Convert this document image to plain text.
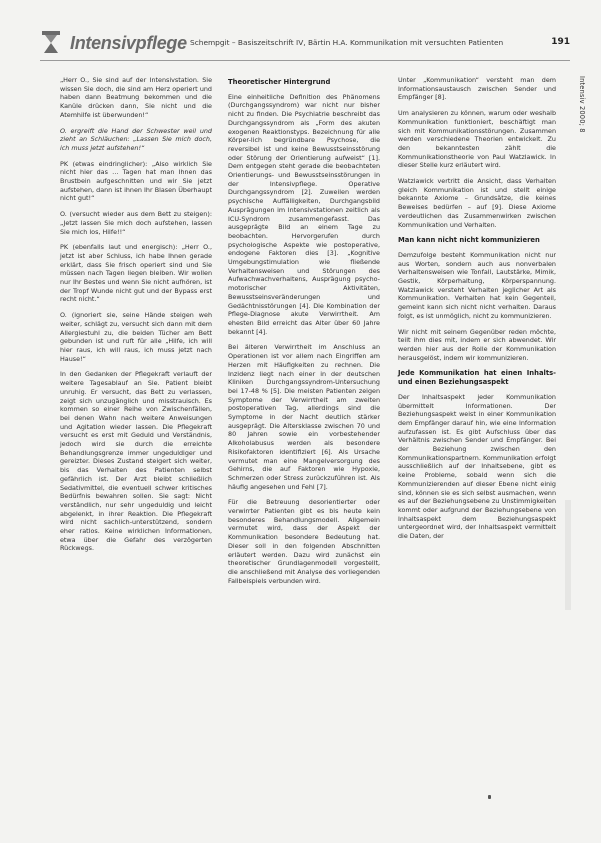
Intensivpflege Schempgit – Basiszeitschrift IV, Bärtin H.A. Kommunikation mit versuchten Patienten	191
Intensiv 2000; 8

„Herr O., Sie sind auf der Intensivstation. Sie wissen Sie doch, die sind am Herz operiert und haben dann Beatmung bekommen und die Kanüle drücken dann, Sie nicht und die Atemhilfe ist überwunden!“

O. ergreift die Hand der Schwester weil und zieht an Schläuchen: „Lassen Sie mich doch, ich muss jetzt aufstehen!“

PK (etwas eindringlicher): „Also wirklich Sie nicht hier das … Tagen hat man Ihnen das Brustbein aufgeschnitten und wir Sie jetzt aufstehen, dann ist ihnen Ihr Blasen Überhaupt nicht gut!“

O. (versucht wieder aus dem Bett zu steigen): „Jetzt lassen Sie mich doch aufstehen, lassen Sie mich los, Hilfe!!“

PK (ebenfalls laut und energisch): „Herr O., jetzt ist aber Schluss, ich habe Ihnen gerade erklärt, dass Sie frisch operiert sind und Sie müssen nach Tagen liegen bleiben. Wir wollen nur Ihr Bestes und wenn Sie nicht aufhören, ist der Tropf Wunde nicht gut und der Bypass erst recht nicht.“

O. (ignoriert sie, seine Hände steigen weh weiter, schlägt zu, versucht sich dann mit dem Allergiestuhl zu, die beiden Tücher am Bett gebunden ist und ruft für alle „Hilfe, ich will hier raus, ich will raus, ich muss jetzt nach Hause!“

In den Gedanken der Pflegekraft verlauft der weitere Tagesablauf an Sie. Patient bleibt unruhig. Er versucht, das Bett zu verlassen, zeigt sich unzugänglich und misstrauisch. Es kommen so einer Reihe von Zwischenfällen, bei denen Wahn nach weitere Anweisungen und Agitation wieder lassen. Die Pflegekraft versucht es erst mit Geduld und Verständnis, jedoch wird sie durch die erreichte Behandlungsgrenze immer ungeduldiger und gereizter. Dieses Zustand steigert sich weiter, bis das Verhalten des Patienten selbst gefährlich ist. Der Arzt bleibt schließlich Sedativmittel, die eventuell schwer kritisches Bedürfnis bewahren sollen. Sie sagt: Nicht verständlich, nur sehr ungeduldig und leicht abgelenkt, in ihrer Reaktion. Die Pflegekraft wird nicht sachlich-unterstützend, sondern eher ratlos. Keine wirklichen Informationen, etwa über die Gefahr des verzögerten Rückwegs.

Theoretischer Hintergrund

Eine einheitliche Definition des Phänomens (Durchgangssyndrom) war nicht nur bisher nicht zu finden. Die Psychiatrie beschreibt das Durchgangssyndrom als „Form des akuten exogenen Reaktionstyps. Bezeichnung für alle Körper-lich begründbare Psychose, die reversibel ist und keine Bewusstseinsstörung oder Störung der Orientierung aufweist“ [1]. Dem entgegen steht gerade die beobachteten Orientierungs- und Bewusstseinsstörungen in der Intensivpflege. Operative Durchgangssyndrom [2]. Zuweilen werden psychische Auffälligkeiten, Durchgangsbild Ausprägungen im Intensivstationen zeitlich als ICU-Syndrom zusammengefasst. Das ausgeprägte Bild an einem Tage zu beobachten. Hervorgerufen durch psychologische Aspekte wie postoperative, endogene Faktoren dies [3]. „Kognitive Umgebungstimulation wie fließende Verhaltensweisen und Störungen des Aufwachwachverhaltens, Ausprägung psycho-motorischer Aktivitäten, Bewusstseinsveränderungen und Gedächtnisstörungen [4]. Die Kombination der Pflege-Diagnose akute Verwirrtheit. Am ehesten Bild erreicht das Alter über 60 Jahre bekannt [4].

Bei älteren Verwirrtheit im Anschluss an Operationen ist vor allem nach Eingriffen am Herzen mit Häufigkeiten zu rechnen. Die Inzidenz liegt nach einer in der deutschen Kliniken Durchgangssyndrom-Untersuchung bei 17-48 % [5]. Die meisten Patienten zeigen Symptome der Verwirrtheit am zweiten postoperativen Tag, allerdings sind die Symptome in der Nacht deutlich stärker ausgeprägt. Die Altersklasse zwischen 70 und 80 Jahren sowie ein vorbestehender Alkoholabusus werden als besondere Risikofaktoren identifiziert [6]. Als Ursache vermutet man eine Mangelversorgung des Gehirns, die auf Faktoren wie Hypoxie, Schmerzen oder Stress zurückzuführen ist. Als häufig angesehen und Fehl [7].

Für die Betreuung desorientierter oder verwirrter Patienten gibt es bis heute kein besonderes Behandlungsmodell. Allgemein vermutet wird, dass der Aspekt der Kommunikation besondere Bedeutung hat. Dieser soll in den folgenden Abschnitten erläutert werden. Dazu wird zunächst ein theoretischer Grundlagenmodell vorgestellt, die anschließend mit Analyse des vorliegenden Fallbeispiels verbunden wird.

Unter „Kommunikation“ versteht man dem Informationsaustausch zwischen Sender und Empfänger [8].

Um analysieren zu können, warum oder weshalb Kommunikation funktioniert, beschäftigt man sich mit Kommunikationsstörungen. Zusammen werden verschiedene Theorien entwickelt. Zu den bekanntesten zählt die Kommunikationstheorie von Paul Watzlawick. In dieser Stelle kurz erläutert wird.

Watzlawick vertritt die Ansicht, dass Verhalten gleich Kommunikation ist und stellt einige bekannte Axiome – Grundsätze, die keines Beweises bedürfen – auf [9]. Diese Axiome verdeutlichen das Zusammenwirken zwischen Kommunikation und Verhalten.

Man kann nicht nicht kommunizieren

Demzufolge besteht Kommunikation nicht nur aus Worten, sondern auch aus nonverbalen Verhaltensweisen wie Tonfall, Lautstärke, Mimik, Gestik, Körperhaltung, Körperspannung. Watzlawick versteht Verhalten jeglicher Art als Kommunikation. Verhalten hat kein Gegenteil, gemeint kann sich nicht nicht verhalten. Daraus folgt, es ist unmöglich, nicht zu kommunizieren.

Wir nicht mit seinem Gegenüber reden möchte, teilt ihm dies mit, indem er sich abwendet. Wir werden hier aus der Rolle der Kommunikation herausgelöst, indem wir kommunizieren.

Jede Kommunikation hat einen Inhalts- und einen Beziehungsaspekt

Der Inhaltsaspekt jeder Kommunikation übermittelt Informationen. Der Beziehungsaspekt weist in einer Kommunikation dem Empfänger darauf hin, wie eine Information aufzufassen ist. Es gibt Aufschluss über das Verhältnis zwischen Sender und Empfänger. Bei der Beziehung zwischen den Kommunikationspartnern. Kommunikation erfolgt ausschließlich auf der Inhaltsebene, gibt es keine Probleme, sobald wenn sich die Kommunizierenden auf dieser Ebene nicht einig sind, können sie es sich selbst ausmachen, wenn es auf der Beziehungsebene zu Unstimmigkeiten kommt oder aufgrund der Beziehungsebene von Inhaltsaspekt dem Beziehungsaspekt untergeordnet wird, der Inhaltsaspekt vermittelt die Daten, der
